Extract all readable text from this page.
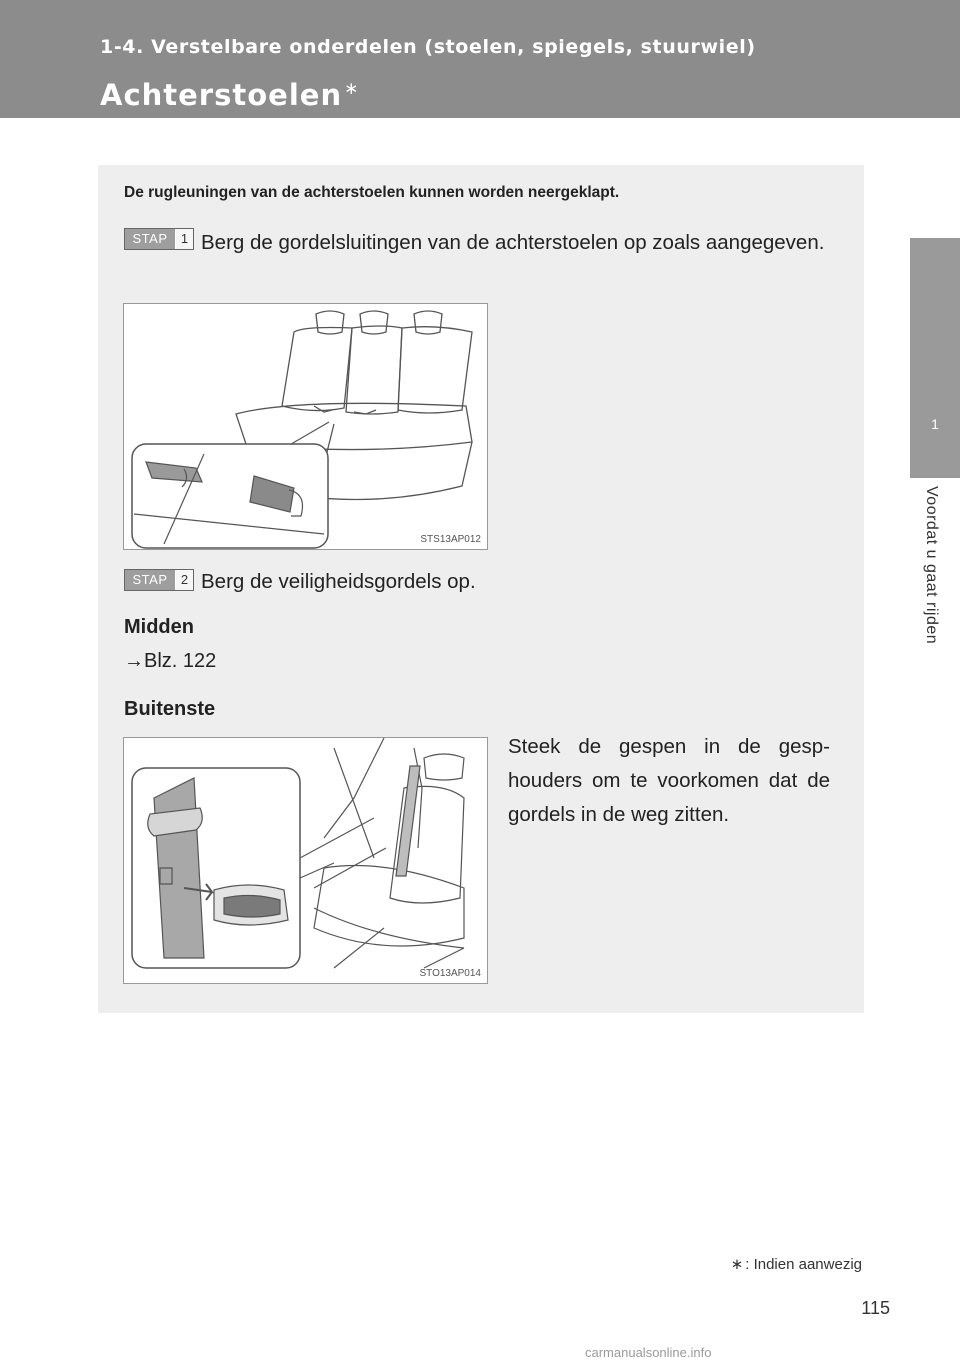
1-4. Verstelbare onderdelen (stoelen, spiegels, stuurwiel)
Achterstoelen ∗
1
Voordat u gaat rijden
De rugleuningen van de achterstoelen kunnen worden neergeklapt.
STAP	1 Berg de gordelsluitingen van de achterstoelen op zoals aangegeven.
STS13AP012
STAP	2 Berg de veiligheidsgordels op.
Midden
→Blz. 122
Buitenste
Steek de gespen in de gesp-houders om te voorkomen dat de gordels in de weg zitten.
STO13AP014
∗ : Indien aanwezig
115
carmanualsonline.info
